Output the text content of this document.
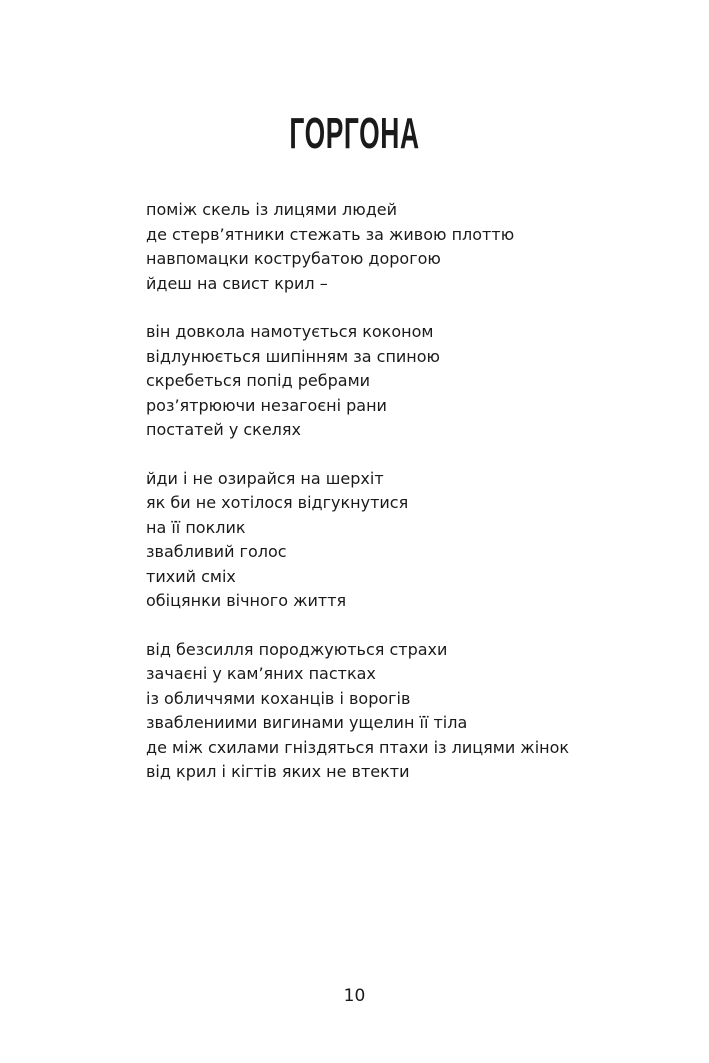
ГОРГОНА
поміж скель із лицями людей
де стерв’ятники стежать за живою плоттю
навпомацки кострубатою дорогою
йдеш на свист крил –
він довкола намотується коконом
відлунюється шипінням за спиною
скребеться попід ребрами
роз’ятрюючи незагоєні рани
постатей у скелях
йди і не озирайся на шерхіт
як би не хотілося відгукнутися
на її поклик
звабливий голос
тихий сміх
обіцянки вічного життя
від безсилля породжуються страхи
зачаєні у кам’яних пастках
із обличчями коханців і ворогів
зваблениими вигинами ущелин її тіла
де між схилами гніздяться птахи із лицями жінок
від крил і кігтів яких не втекти
10
